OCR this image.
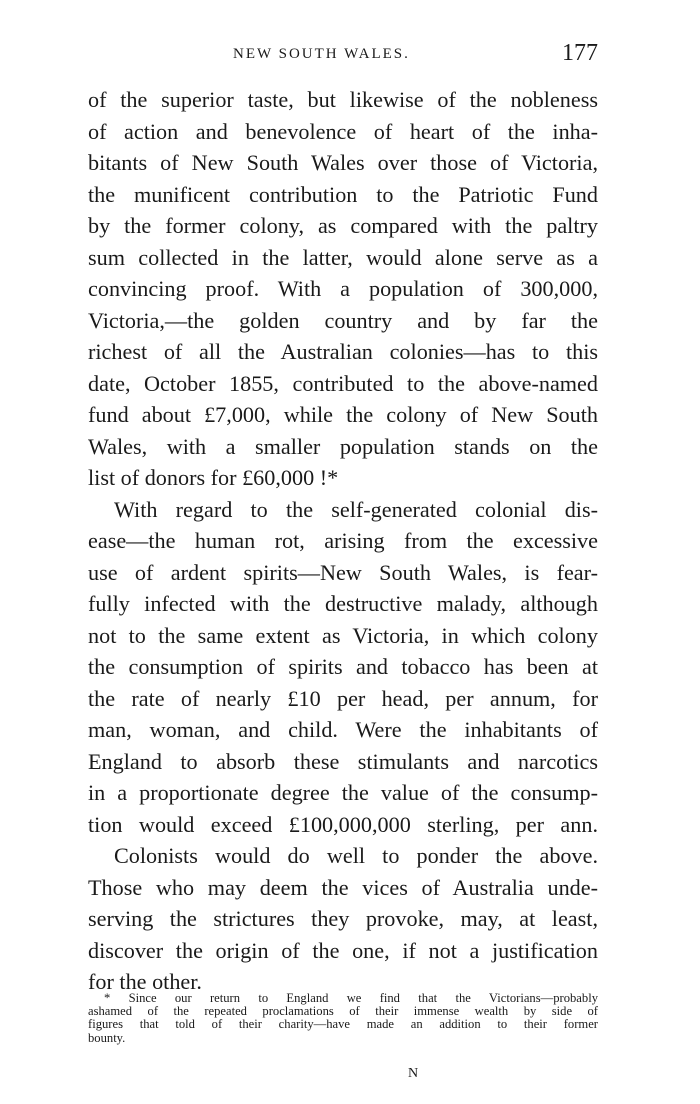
NEW SOUTH WALES.	177
of the superior taste, but likewise of the nobleness
of action and benevolence of heart of the inha-
bitants of New South Wales over those of Victoria,
the munificent contribution to the Patriotic Fund
by the former colony, as compared with the paltry
sum collected in the latter, would alone serve as a
convincing proof. With a population of 300,000,
Victoria,—the golden country and by far the
richest of all the Australian colonies—has to this
date, October 1855, contributed to the above-named
fund about £7,000, while the colony of New South
Wales, with a smaller population stands on the
list of donors for £60,000 !*
With regard to the self-generated colonial dis-
ease—the human rot, arising from the excessive
use of ardent spirits—New South Wales, is fear-
fully infected with the destructive malady, although
not to the same extent as Victoria, in which colony
the consumption of spirits and tobacco has been at
the rate of nearly £10 per head, per annum, for
man, woman, and child. Were the inhabitants of
England to absorb these stimulants and narcotics
in a proportionate degree the value of the consump-
tion would exceed £100,000,000 sterling, per ann.
Colonists would do well to ponder the above.
Those who may deem the vices of Australia unde-
serving the strictures they provoke, may, at least,
discover the origin of the one, if not a justification
for the other.
* Since our return to England we find that the Victorians—probably
ashamed of the repeated proclamations of their immense wealth by side of
figures that told of their charity—have made an addition to their former
bounty.
N
